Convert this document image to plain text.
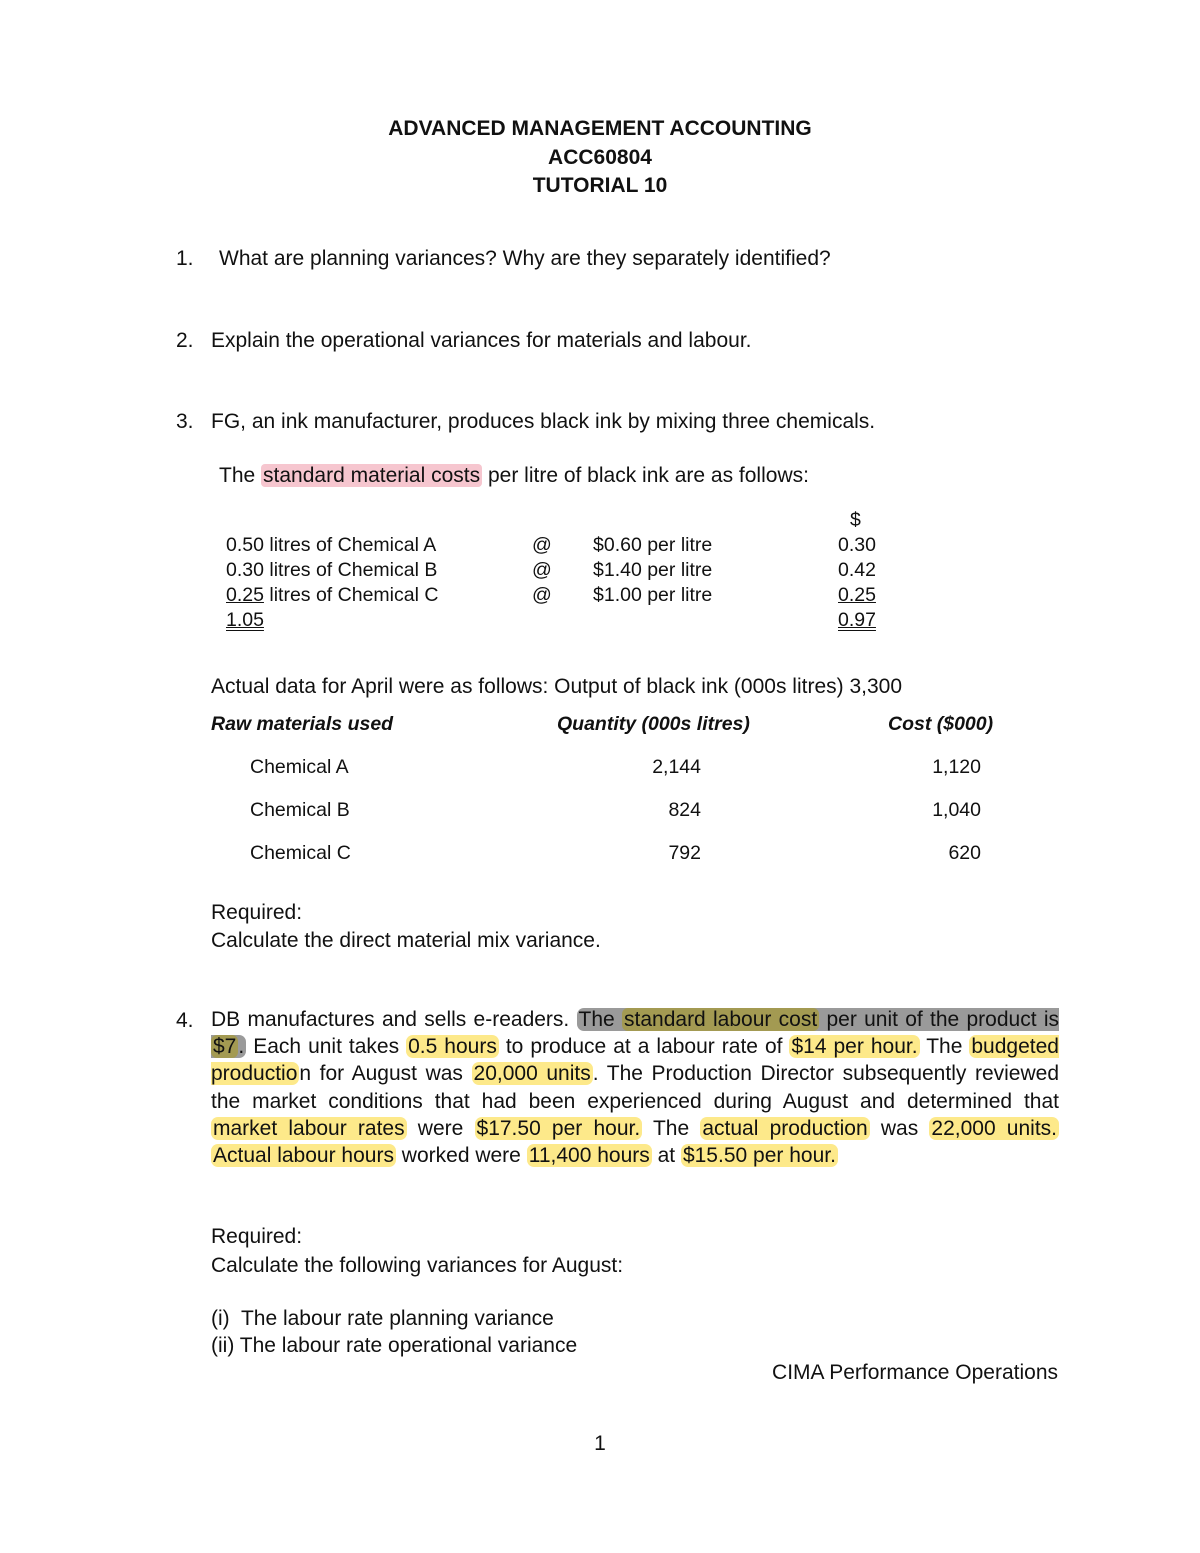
ADVANCED MANAGEMENT ACCOUNTING
ACC60804
TUTORIAL 10
1. What are planning variances? Why are they separately identified?
2. Explain the operational variances for materials and labour.
3. FG, an ink manufacturer, produces black ink by mixing three chemicals.
The standard material costs per litre of black ink are as follows:
$
0.50 litres of Chemical A	@ $0.60 per litre	0.30
0.30 litres of Chemical B	@ $1.40 per litre	0.42
0.25 litres of Chemical C	@ $1.00 per litre	0.25
1.05	0.97
Actual data for April were as follows: Output of black ink (000s litres) 3,300
Raw materials used	Quantity (000s litres)	Cost ($000)
Chemical A	2,144	1,120
Chemical B	824	1,040
Chemical C	792	620
Required:
Calculate the direct material mix variance.
4. DB manufactures and sells e-readers. The standard labour cost per unit of the product is $7. Each unit takes 0.5 hours to produce at a labour rate of $14 per hour. The budgeted production for August was 20,000 units. The Production Director subsequently reviewed the market conditions that had been experienced during August and determined that market labour rates were $17.50 per hour. The actual production was 22,000 units. Actual labour hours worked were 11,400 hours at $15.50 per hour.

Required:
Calculate the following variances for August:
(i)  The labour rate planning variance
(ii) The labour rate operational variance
CIMA Performance Operations
1
